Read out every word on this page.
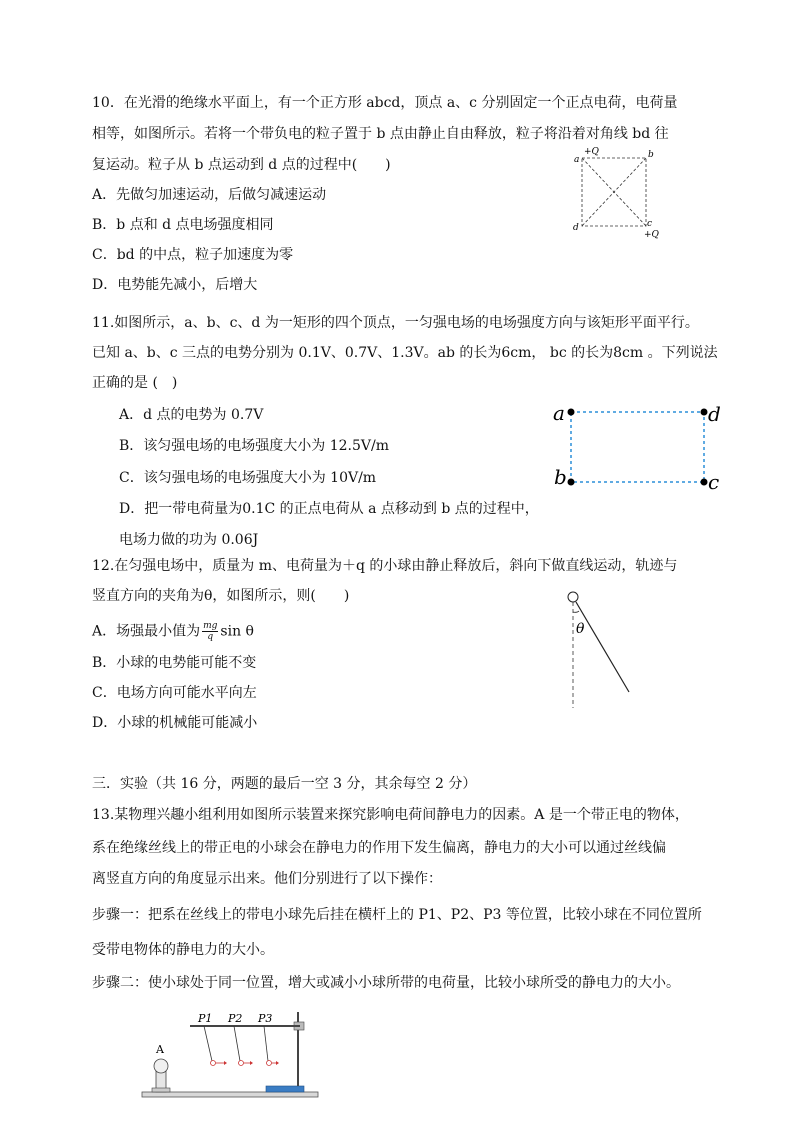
10．在光滑的绝缘水平面上，有一个正方形 abcd，顶点 a、c 分别固定一个正点电荷，电荷量
相等，如图所示。若将一个带负电的粒子置于 b 点由静止自由释放，粒子将沿着对角线 bd 往
复运动。粒子从 b 点运动到 d 点的过程中(　　)
A．先做匀加速运动，后做匀减速运动
B．b 点和 d 点电场强度相同
C．bd 的中点，粒子加速度为零
D．电势能先减小，后增大
a
+Q	b
d	c
+Q
11.如图所示，a、b、c、d 为一矩形的四个顶点，一匀强电场的电场强度方向与该矩形平面平行。
已知 a、b、c 三点的电势分别为 0.1V、0.7V、1.3V。ab 的长为6cm， bc 的长为8cm 。下列说法
正确的是 (　)
A．d 点的电势为 0.7V
B．该匀强电场的电场强度大小为 12.5V/m
C．该匀强电场的电场强度大小为 10V/m
D．把一带电荷量为0.1C 的正点电荷从 a 点移动到 b 点的过程中，
电场力做的功为 0.06J
a	d
b	c
12.在匀强电场中，质量为 m、电荷量为＋q 的小球由静止释放后，斜向下做直线运动，轨迹与
竖直方向的夹角为θ，如图所示，则(　　)
A．场强最小值为 $\frac{mg}{q}$ sin θ
B．小球的电势能可能不变
C．电场方向可能水平向左
D．小球的机械能可能减小
θ
三．实验（共 16 分，两题的最后一空 3 分，其余每空 2 分）
13.某物理兴趣小组利用如图所示装置来探究影响电荷间静电力的因素。A 是一个带正电的物体，
系在绝缘丝线上的带正电的小球会在静电力的作用下发生偏离，静电力的大小可以通过丝线偏
离竖直方向的角度显示出来。他们分别进行了以下操作：
步骤一：把系在丝线上的带电小球先后挂在横杆上的 P1、P2、P3 等位置，比较小球在不同位置所
受带电物体的静电力的大小。
步骤二：使小球处于同一位置，增大或减小小球所带的电荷量，比较小球所受的静电力的大小。
A
P1 P2 P3
